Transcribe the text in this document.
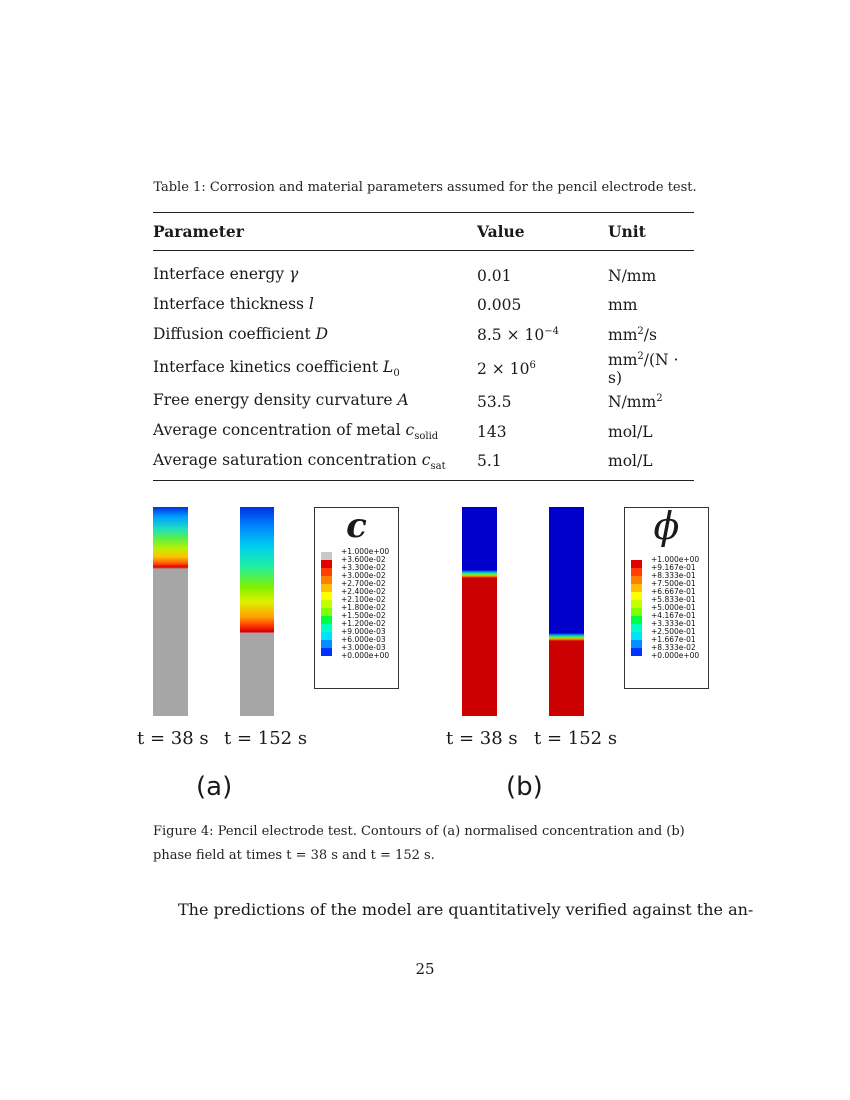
Table 1: Corrosion and material parameters assumed for the pencil electrode test.
Parameter	Value	Unit
Interface energy γ	0.01	N/mm
Interface thickness l	0.005	mm
Diffusion coefficient D	$8.5 \times 10^{-4}$	$mm^2/s$
Interface kinetics coefficient $L_0$	$2 \times 10^6$	$mm^2/(N \cdot s)$
Free energy density curvature A	53.5	$N/mm^2$
Average concentration of metal $c_{solid}$	143	mol/L
Average saturation concentration $c_{sat}$	5.1	mol/L
c
+1.000e+00
+3.600e-02
+3.300e-02
+3.000e-02
+2.700e-02
+2.400e-02
+2.100e-02
+1.800e-02
+1.500e-02
+1.200e-02
+9.000e-03
+6.000e-03
+3.000e-03
+0.000e+00
t = 38 s t = 152 s
(a)
ϕ
+1.000e+00
+9.167e-01
+8.333e-01
+7.500e-01
+6.667e-01
+5.833e-01
+5.000e-01
+4.167e-01
+3.333e-01
+2.500e-01
+1.667e-01
+8.333e-02
+0.000e+00
t = 38 s t = 152 s
(b)
Figure 4: Pencil electrode test. Contours of (a) normalised concentration and (b) phase field at times t = 38 s and t = 152 s.
The predictions of the model are quantitatively verified against the an-
25
